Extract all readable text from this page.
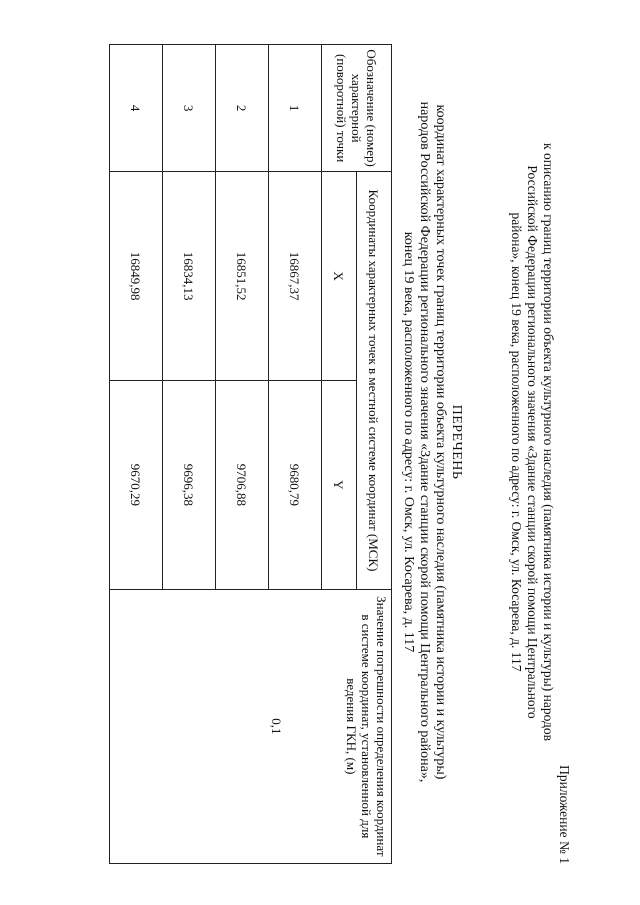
Приложение № 1
к описанию границ территории объекта культурного наследия (памятника истории и культуры) народов
Российской Федерации регионального значения «Здание станции скорой помощи Центрального
района», конец 19 века, расположенного по адресу: г. Омск, ул. Косарева, д. 117
ПЕРЕЧЕНЬ
координат характерных точек границ территории объекта культурного наследия (памятника истории и культуры)
народов Российской Федерации регионального значения «Здание станции скорой помощи Центрального района»,
конец 19 века, расположенного по адресу: г. Омск, ул. Косарева, д. 117
Обозначение (номер) характерной (поворотной) точки	Координаты характерных точек в местной системе координат (МСК)		Значение погрешности определения координат в системе координат, установленной для ведения ГКН, (м)
0,1

	X	Y	
1	16867,37	9680,79	
2	16851,52	9706,88	
3	16834,13	9696,38	
4	16849,98	9670,29	
